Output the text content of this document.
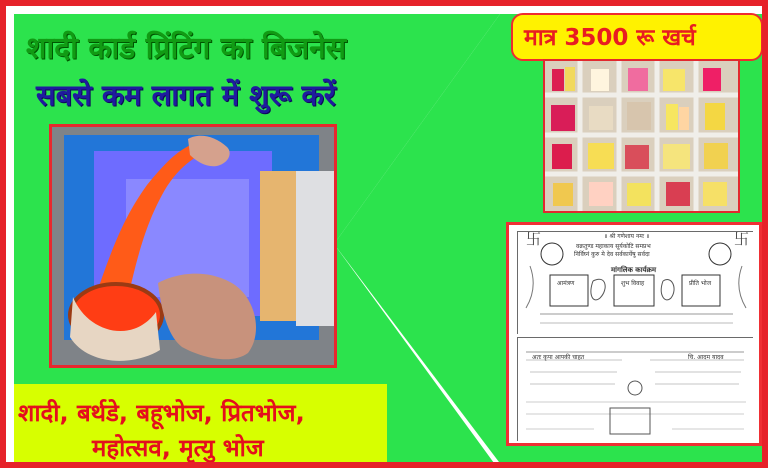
शादी कार्ड प्रिंटिंग का बिजनेस
सबसे कम लागत में शुरू करें
शादी, बर्थडे, बहूभोज, प्रितभोज,
महोत्सव, मृत्यु भोज
मात्र 3500 रू खर्च
卐	卐
॥ श्री गणेशाय नमः ॥
वक्रतुण्ड महाकाय सूर्यकोटि समप्रभ
निर्विघ्नं कुरु मे देव सर्वकार्येषु सर्वदा
मांगलिक कार्यक्रम
आमंत्रण	शुभ विवाह	प्रीति भोज
अतः कृपा आपकी चाहत	चि. आदम यादव
